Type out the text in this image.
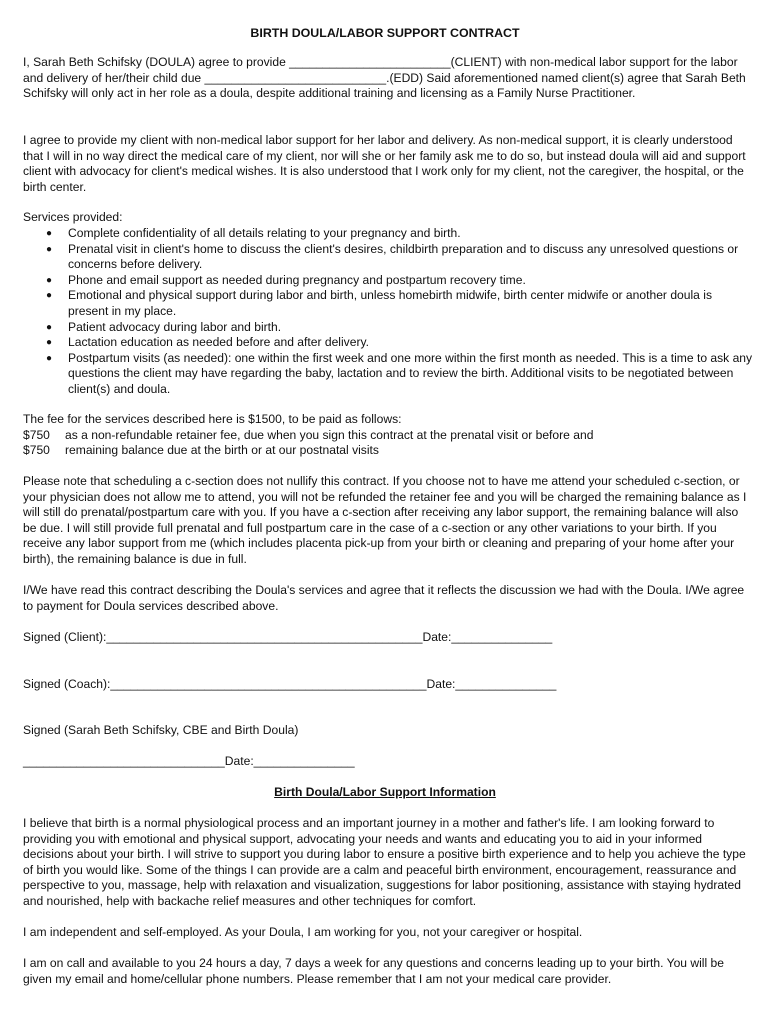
BIRTH DOULA/LABOR SUPPORT CONTRACT

I, Sarah Beth Schifsky (DOULA) agree to provide ________________________(CLIENT) with non-medical labor support for the labor and delivery of her/their child due ___________________________.(EDD) Said aforementioned named client(s) agree that Sarah Beth Schifsky will only act in her role as a doula, despite additional training and licensing as a Family Nurse Practitioner.

I agree to provide my client with non-medical labor support for her labor and delivery. As non-medical support, it is clearly understood that I will in no way direct the medical care of my client, nor will she or her family ask me to do so, but instead doula will aid and support client with advocacy for client's medical wishes. It is also understood that I work only for my client, not the caregiver, the hospital, or the birth center.

Services provided:

● Complete confidentiality of all details relating to your pregnancy and birth.
● Prenatal visit in client's home to discuss the client's desires, childbirth preparation and to discuss any unresolved questions or concerns before delivery.
● Phone and email support as needed during pregnancy and postpartum recovery time.
● Emotional and physical support during labor and birth, unless homebirth midwife, birth center midwife or another doula is present in my place.
● Patient advocacy during labor and birth.
● Lactation education as needed before and after delivery.
● Postpartum visits (as needed): one within the first week and one more within the first month as needed. This is a time to ask any questions the client may have regarding the baby, lactation and to review the birth. Additional visits to be negotiated between client(s) and doula.
The fee for the services described here is $1500, to be paid as follows:
$750 as a non-refundable retainer fee, due when you sign this contract at the prenatal visit or before and
$750 remaining balance due at the birth or at our postnatal visits

Please note that scheduling a c-section does not nullify this contract. If you choose not to have me attend your scheduled c-section, or your physician does not allow me to attend, you will not be refunded the retainer fee and you will be charged the remaining balance as I will still do prenatal/postpartum care with you. If you have a c-section after receiving any labor support, the remaining balance will also be due. I will still provide full prenatal and full postpartum care in the case of a c-section or any other variations to your birth. If you receive any labor support from me (which includes placenta pick-up from your birth or cleaning and preparing of your home after your birth), the remaining balance is due in full.

I/We have read this contract describing the Doula's services and agree that it reflects the discussion we had with the Doula. I/We agree to payment for Doula services described above.

Signed (Client):_______________________________________________Date:_______________

Signed (Coach):_______________________________________________Date:_______________

Signed (Sarah Beth Schifsky, CBE and Birth Doula)

______________________________Date:_______________

Birth Doula/Labor Support Information

I believe that birth is a normal physiological process and an important journey in a mother and father's life. I am looking forward to providing you with emotional and physical support, advocating your needs and wants and educating you to aid in your informed decisions about your birth. I will strive to support you during labor to ensure a positive birth experience and to help you achieve the type of birth you would like. Some of the things I can provide are a calm and peaceful birth environment, encouragement, reassurance and perspective to you, massage, help with relaxation and visualization, suggestions for labor positioning, assistance with staying hydrated and nourished, help with backache relief measures and other techniques for comfort.

I am independent and self-employed. As your Doula, I am working for you, not your caregiver or hospital.

I am on call and available to you 24 hours a day, 7 days a week for any questions and concerns leading up to your birth. You will be given my email and home/cellular phone numbers. Please remember that I am not your medical care provider.
